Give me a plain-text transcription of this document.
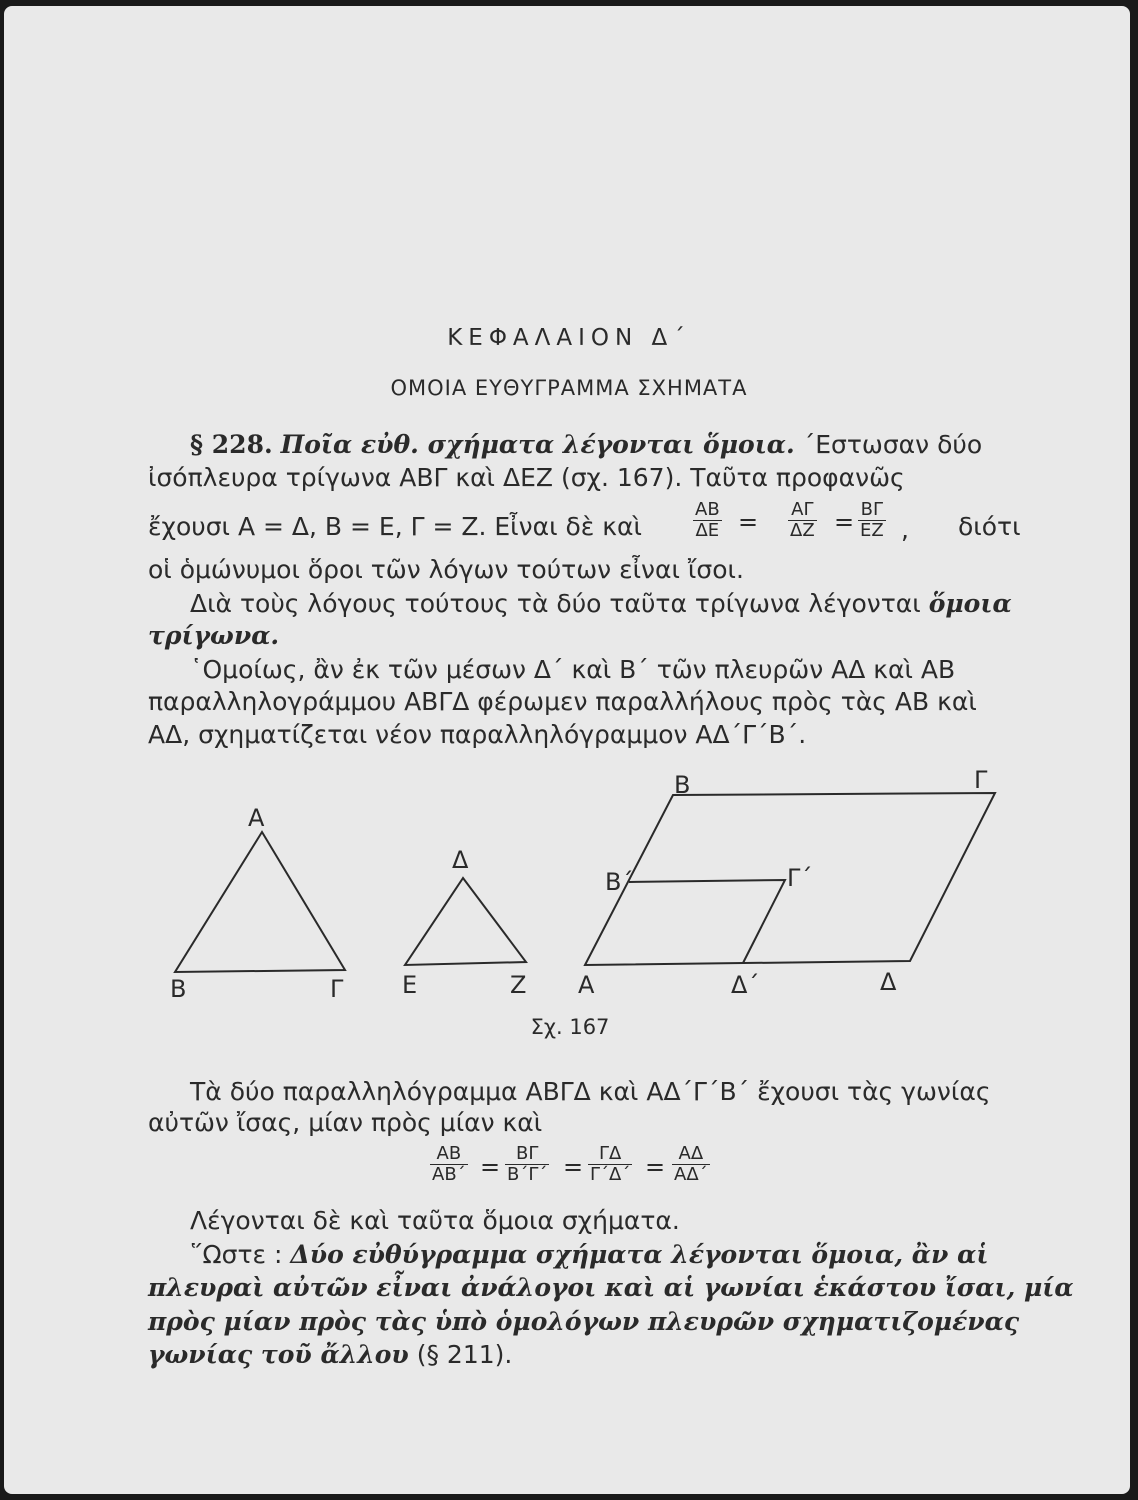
ΚΕΦΑΛΑΙΟΝ Δ΄
ΟΜΟΙΑ ΕΥΘΥΓΡΑΜΜΑ ΣΧΗΜΑΤΑ
§ 228. Ποῖα εὐθ. σχήματα λέγονται ὅμοια. ΄Εστωσαν δύο
ἰσόπλευρα τρίγωνα ΑΒΓ καὶ ΔΕΖ (σχ. 167). Ταῦτα προφανῶς
ἔχουσι Α = Δ, Β = Ε, Γ = Ζ. Εἶναι δὲ καὶ	$\frac{AB}{\Delta E} = \frac{A\Gamma}{\Delta Z} = \frac{B\Gamma}{EZ}$ , διότι
οἱ ὁμώνυμοι ὅροι τῶν λόγων τούτων εἶναι ἴσοι.
Διὰ τοὺς λόγους τούτους τὰ δύο ταῦτα τρίγωνα λέγονται ὅμοια
τρίγωνα.
῾Ομοίως, ἂν ἐκ τῶν μέσων Δ΄ καὶ Β΄ τῶν πλευρῶν ΑΔ καὶ ΑΒ
παραλληλογράμμου ΑΒΓΔ φέρωμεν παραλλήλους πρὸς τὰς ΑΒ καὶ
ΑΔ, σχηματίζεται νέον παραλληλόγραμμον ΑΔ΄Γ΄Β΄.
Α
Β	Γ
Δ
Ε	Ζ
Β	Γ
Β΄	Γ΄
Α	Δ΄	Δ
Σχ. 167
Τὰ δύο παραλληλόγραμμα ΑΒΓΔ καὶ ΑΔ΄Γ΄Β΄ ἔχουσι τὰς γωνίας
αὐτῶν ἴσας, μίαν πρὸς μίαν καὶ
$\frac{AB}{AB΄} = \frac{B\Gamma}{B΄\Gamma΄} = \frac{\Gamma\Delta}{\Gamma΄\Delta΄} = \frac{A\Delta}{A\Delta΄}$
Λέγονται δὲ καὶ ταῦτα ὅμοια σχήματα.
῞Ωστε : Δύο εὐθύγραμμα σχήματα λέγονται ὅμοια, ἂν αἱ
πλευραὶ αὐτῶν εἶναι ἀνάλογοι καὶ αἱ γωνίαι ἑκάστου ἴσαι, μία
πρὸς μίαν πρὸς τὰς ὑπὸ ὁμολόγων πλευρῶν σχηματιζομένας
γωνίας τοῦ ἄλλου (§ 211).
